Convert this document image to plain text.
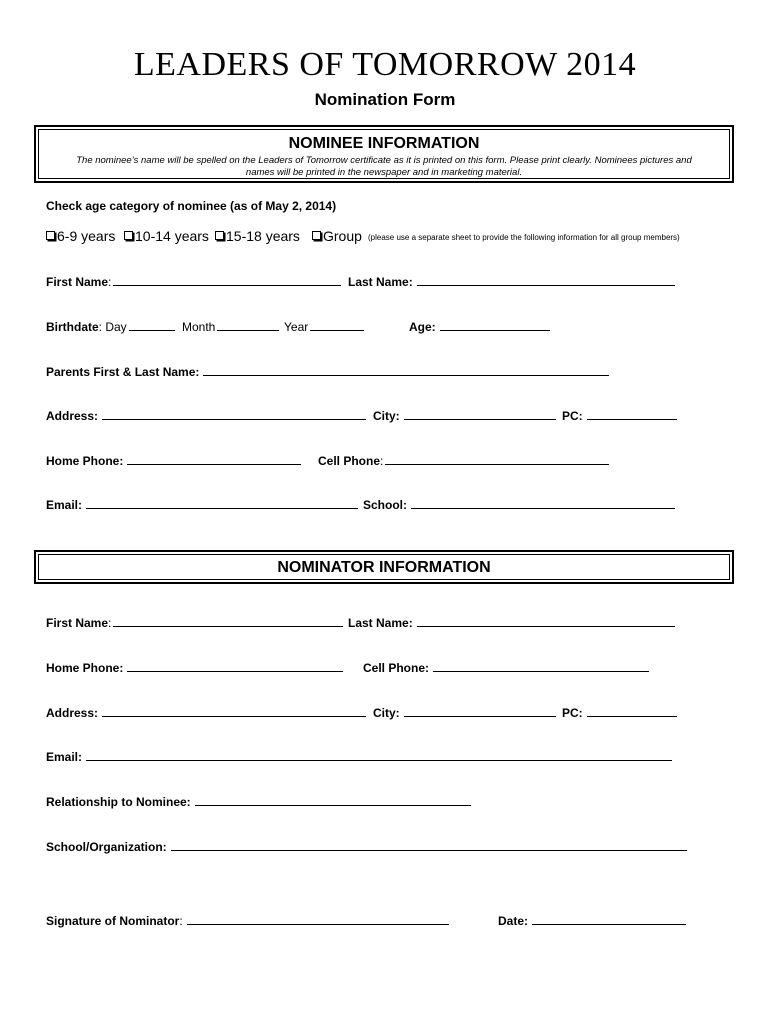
LEADERS OF TOMORROW 2014
Nomination Form
NOMINEE INFORMATION
The nominee’s name will be spelled on the Leaders of Tomorrow certificate as it is printed on this form. Please print clearly. Nominees pictures and
names will be printed in the newspaper and in marketing material.
Check age category of nominee (as of May 2, 2014)
6-9 years	10-14 years	15-18 years	Group (please use a separate sheet to provide the following information for all group members)
First Name:	Last Name:
Birthdate: Day	Month	Year	Age:
Parents First & Last Name:
Address:	City:	PC:
Home Phone:	Cell Phone:
Email:	School:
NOMINATOR INFORMATION
First Name:	Last Name:
Home Phone:	Cell Phone:
Address:	City:	PC:
Email:
Relationship to Nominee:
School/Organization:
Signature of Nominator:	Date:
